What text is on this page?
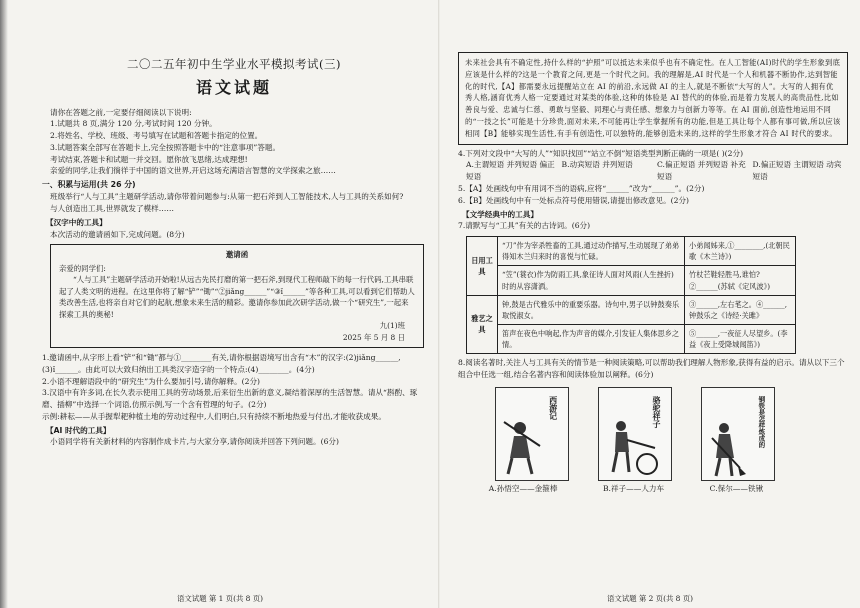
二〇二五年初中生学业水平模拟考试(三)
语文试题

请你在答题之前,一定要仔细阅读以下说明:

1.试题共 8 页,满分 120 分,考试时间 120 分钟。

2.将姓名、学校、班级、考号填写在试题和答题卡指定的位置。

3.试题答案全部写在答题卡上,完全按照答题卡中的“注意事项”答题。

考试结束,答题卡和试题一并交回。愿你放飞思绪,达成理想!

亲爱的同学,让我们徜徉于中国的语文世界,开启这场充满语言智慧的文学探索之旅……

一、积累与运用(共 26 分)

班级举行“人与工具”主题研学活动,请你带着问题参与:从第一把石斧到人工智能技术,人与工具的关系如何?

与人创造出工具,世界就发了模样……

【汉字中的工具】

本次活动的邀请函如下,完成问题。(8分)

邀请函
亲爱的同学们:
“人与工具”主题研学活动开始啦!从远古先民打磨的第一把石斧,到现代工程师敲下的每一行代码,工具串联起了人类文明的进程。在这里你将了解“铲”“锄”“②jiǎng______”“③ǐ______”等各种工具,可以看到它们帮助人类改善生活,也将亲自对它们的起航,想象未来生活的精彩。邀请你参加此次研学活动,做一个“研究生”,一起来探索工具的奥秘!
九(1)班
2025 年 5 月 8 日

1.邀请函中,从字形上看“铲”和“锄”都与①________有关,请你根据语境写出含有“木”的汉字:(2)jiǎng______,(3)ǐ______。由此可以大致归纳出工具类汉字造字的一个特点:(4)________。(4分)

2.小语不理解语段中的“研究生”为什么要加引号,请你解释。(2分)

3.汉语中有许多词,在长久表示使用工具的劳动场景,后来衍生出新的意义,凝结着深厚的生活智慧。请从“斟酌、琢磨、插柳”中选择一个词语,仿照示例,写一个含有哲理的句子。(2分)

示例:耕耘——从手握犁耙种植土地的劳动过程中,人们明白,只有持续不断地热爱与付出,才能收获成果。

【AI 时代的工具】

小语同学将有关新材料的内容制作成卡片,与大家分享,请你阅读并回答下列问题。(6分)

语文试题 第 1 页(共 8 页)
未来社会具有不确定性,持什么样的“护照”可以抵达未来似乎也有不确定性。在人工智能(AI)时代的学生形象到底应该是什么样的?这是一个教育之问,更是一个时代之问。我的理解是,AI 时代是一个人和机器不断协作,达到智能化的时代,【A】都需要永远提醒站立在 AI 的前沿,永远做 AI 的主人,就是不断依“大写的人”。大写的人拥有优秀人格,涵育优秀人格一定要通过对某类的体验,这种的体验是 AI 替代的的体验,而是着力发展人的高贵品性,比如善良与爱、忠诚与仁慈、勇敢与坚毅、同理心与责任感、想象力与创新力等等。在 AI 面前,创造性地运用不同的“一技之长”可能是十分珍贵,面对未来,不可能再让学生掌握所有的功能,但是工具让每个人都有事可做,所以应该相同【B】能够实现生活性,有手有创造性,可以独特的,能够创造未来的,这样的学生形象才符合 AI 时代的要求。

4.下列对文段中“大写的人”“知识找回”“站立不倒”短语类型判断正确的一项是( )(2分)

A.主谓短语 并列短语 偏正短语
B.动宾短语 并列短语	C.偏正短语 并列短语 补充短语
D.偏正短语 主谓短语 动宾短语

5.【A】处画线句中有用词不当的语病,应将“______”改为“______”。(2分)

6.【B】处画线句中有一处标点符号使用错误,请提出修改意见。(2分)

【文学经典中的工具】

7.请默写与“工具”有关的古诗词。(6分)

日用工具	“刀”作为宰杀牲畜的工具,通过动作描写,生动展现了弟弟得知木兰归来时的喜悦与忙碌。	小弟闻姊来,①________,(北朝民歌《木兰诗》)
	“笠”(蓑衣)作为防雨工具,象征诗人面对风雨(人生挫折)时的从容潇洒。	竹杖芒鞋轻胜马,谁怕?②______(苏轼《定风波》)
雅艺之具	钟,鼓是古代雅乐中的重要乐器。诗句中,男子以钟鼓奏乐取悦淑女。	③______,左右芼之。④______,钟鼓乐之《诗经·关雎》
	笛声在夜色中响起,作为声音的媒介,引发征人集体思乡之情。	⑤______,一夜征人尽望乡。(李益《夜上受降城闻笛》)

8.阅读名著时,关注人与工具有关的情节是一种阅读策略,可以帮助我们理解人物形象,获得有益的启示。请从以下三个组合中任选一组,结合名著内容和阅读体验加以阐释。(6分)

西游记	骆驼祥子	钢铁是怎样炼成的
A.孙悟空——金箍棒	B.祥子——人力车	C.保尔——铁锹
语文试题 第 2 页(共 8 页)
